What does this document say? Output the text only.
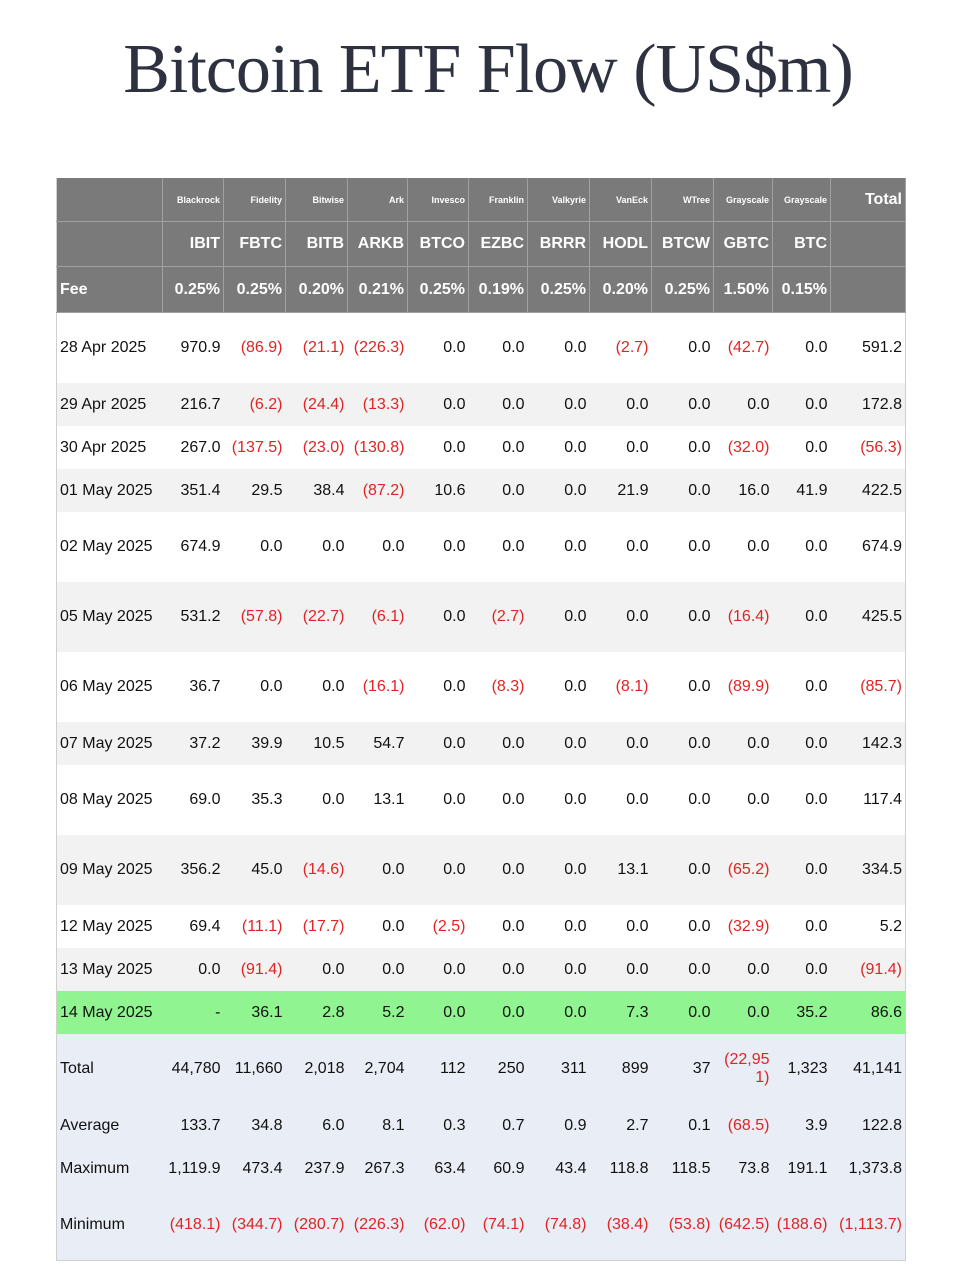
Bitcoin ETF Flow (US$m)
	Blackrock	Fidelity	Bitwise	Ark	Invesco	Franklin	Valkyrie	VanEck	WTree	Grayscale	Grayscale	Total
	IBIT	FBTC	BITB	ARKB	BTCO	EZBC	BRRR	HODL	BTCW	GBTC	BTC	
Fee	0.25%	0.25%	0.20%	0.21%	0.25%	0.19%	0.25%	0.20%	0.25%	1.50%	0.15%	
28 Apr 2025	970.9	(86.9)	(21.1)	(226.3)	0.0	0.0	0.0	(2.7)	0.0	(42.7)	0.0	591.2
29 Apr 2025	216.7	(6.2)	(24.4)	(13.3)	0.0	0.0	0.0	0.0	0.0	0.0	0.0	172.8
30 Apr 2025	267.0	(137.5)	(23.0)	(130.8)	0.0	0.0	0.0	0.0	0.0	(32.0)	0.0	(56.3)
01 May 2025	351.4	29.5	38.4	(87.2)	10.6	0.0	0.0	21.9	0.0	16.0	41.9	422.5
02 May 2025	674.9	0.0	0.0	0.0	0.0	0.0	0.0	0.0	0.0	0.0	0.0	674.9
05 May 2025	531.2	(57.8)	(22.7)	(6.1)	0.0	(2.7)	0.0	0.0	0.0	(16.4)	0.0	425.5
06 May 2025	36.7	0.0	0.0	(16.1)	0.0	(8.3)	0.0	(8.1)	0.0	(89.9)	0.0	(85.7)
07 May 2025	37.2	39.9	10.5	54.7	0.0	0.0	0.0	0.0	0.0	0.0	0.0	142.3
08 May 2025	69.0	35.3	0.0	13.1	0.0	0.0	0.0	0.0	0.0	0.0	0.0	117.4
09 May 2025	356.2	45.0	(14.6)	0.0	0.0	0.0	0.0	13.1	0.0	(65.2)	0.0	334.5
12 May 2025	69.4	(11.1)	(17.7)	0.0	(2.5)	0.0	0.0	0.0	0.0	(32.9)	0.0	5.2
13 May 2025	0.0	(91.4)	0.0	0.0	0.0	0.0	0.0	0.0	0.0	0.0	0.0	(91.4)
14 May 2025	-	36.1	2.8	5.2	0.0	0.0	0.0	7.3	0.0	0.0	35.2	86.6
Total	44,780	11,660	2,018	2,704	112	250	311	899	37	(22,951)	1,323	41,141
Average	133.7	34.8	6.0	8.1	0.3	0.7	0.9	2.7	0.1	(68.5)	3.9	122.8
Maximum	1,119.9	473.4	237.9	267.3	63.4	60.9	43.4	118.8	118.5	73.8	191.1	1,373.8
Minimum	(418.1)	(344.7)	(280.7)	(226.3)	(62.0)	(74.1)	(74.8)	(38.4)	(53.8)	(642.5)	(188.6)	(1,113.7)
